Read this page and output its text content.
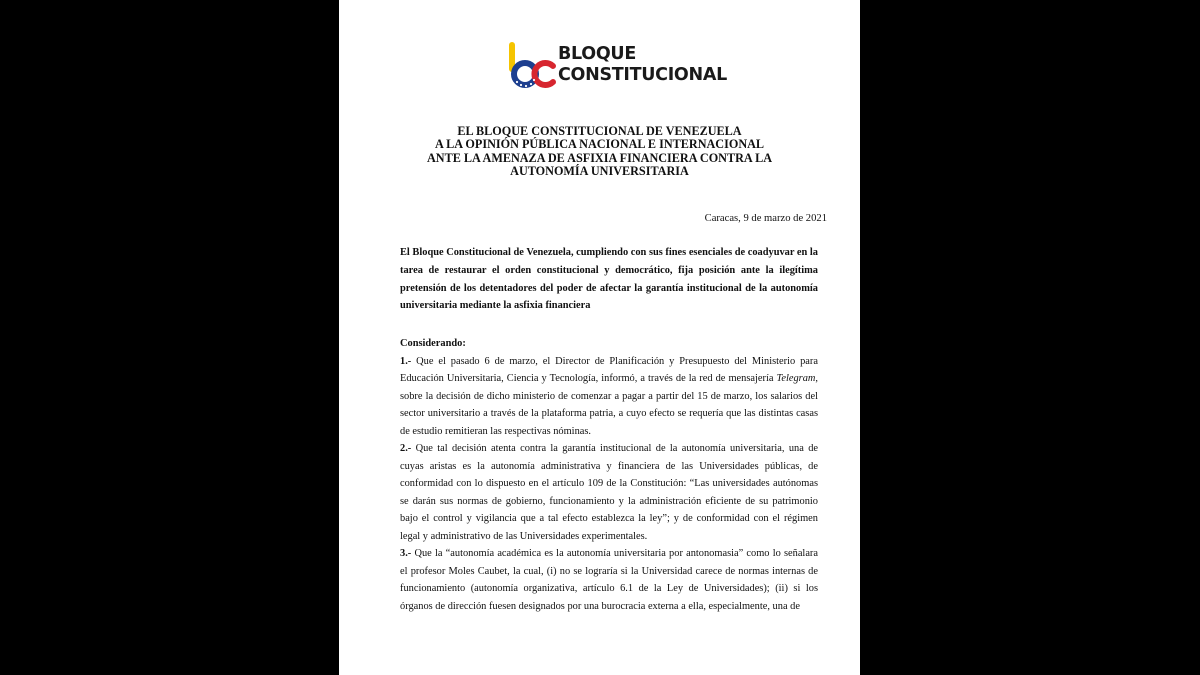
BLOQUE
CONSTITUCIONAL
EL BLOQUE CONSTITUCIONAL DE VENEZUELA
A LA OPINIÓN PÚBLICA NACIONAL E INTERNACIONAL
ANTE LA AMENAZA DE ASFIXIA FINANCIERA CONTRA LA
AUTONOMÍA UNIVERSITARIA
Caracas, 9 de marzo de 2021

El Bloque Constitucional de Venezuela, cumpliendo con sus fines esenciales de coadyuvar en la tarea de restaurar el orden constitucional y democrático, fija posición ante la ilegítima pretensión de los detentadores del poder de afectar la garantía institucional de la autonomía universitaria mediante la asfixia financiera

Considerando:

1.- Que el pasado 6 de marzo, el Director de Planificación y Presupuesto del Ministerio para Educación Universitaria, Ciencia y Tecnología, informó, a través de la red de mensajería Telegram, sobre la decisión de dicho ministerio de comenzar a pagar a partir del 15 de marzo, los salarios del sector universitario a través de la plataforma patria, a cuyo efecto se requería que las distintas casas de estudio remitieran las respectivas nóminas.

2.- Que tal decisión atenta contra la garantía institucional de la autonomía universitaria, una de cuyas aristas es la autonomía administrativa y financiera de las Universidades públicas, de conformidad con lo dispuesto en el artículo 109 de la Constitución: “Las universidades autónomas se darán sus normas de gobierno, funcionamiento y la administración eficiente de su patrimonio bajo el control y vigilancia que a tal efecto establezca la ley”; y de conformidad con el régimen legal y administrativo de las Universidades experimentales.

3.- Que la “autonomía académica es la autonomía universitaria por antonomasia” como lo señalara el profesor Moles Caubet, la cual, (i) no se lograría si la Universidad carece de normas internas de funcionamiento (autonomía organizativa, artículo 6.1 de la Ley de Universidades); (ii) si los órganos de dirección fuesen designados por una burocracia externa a ella, especialmente, una de
